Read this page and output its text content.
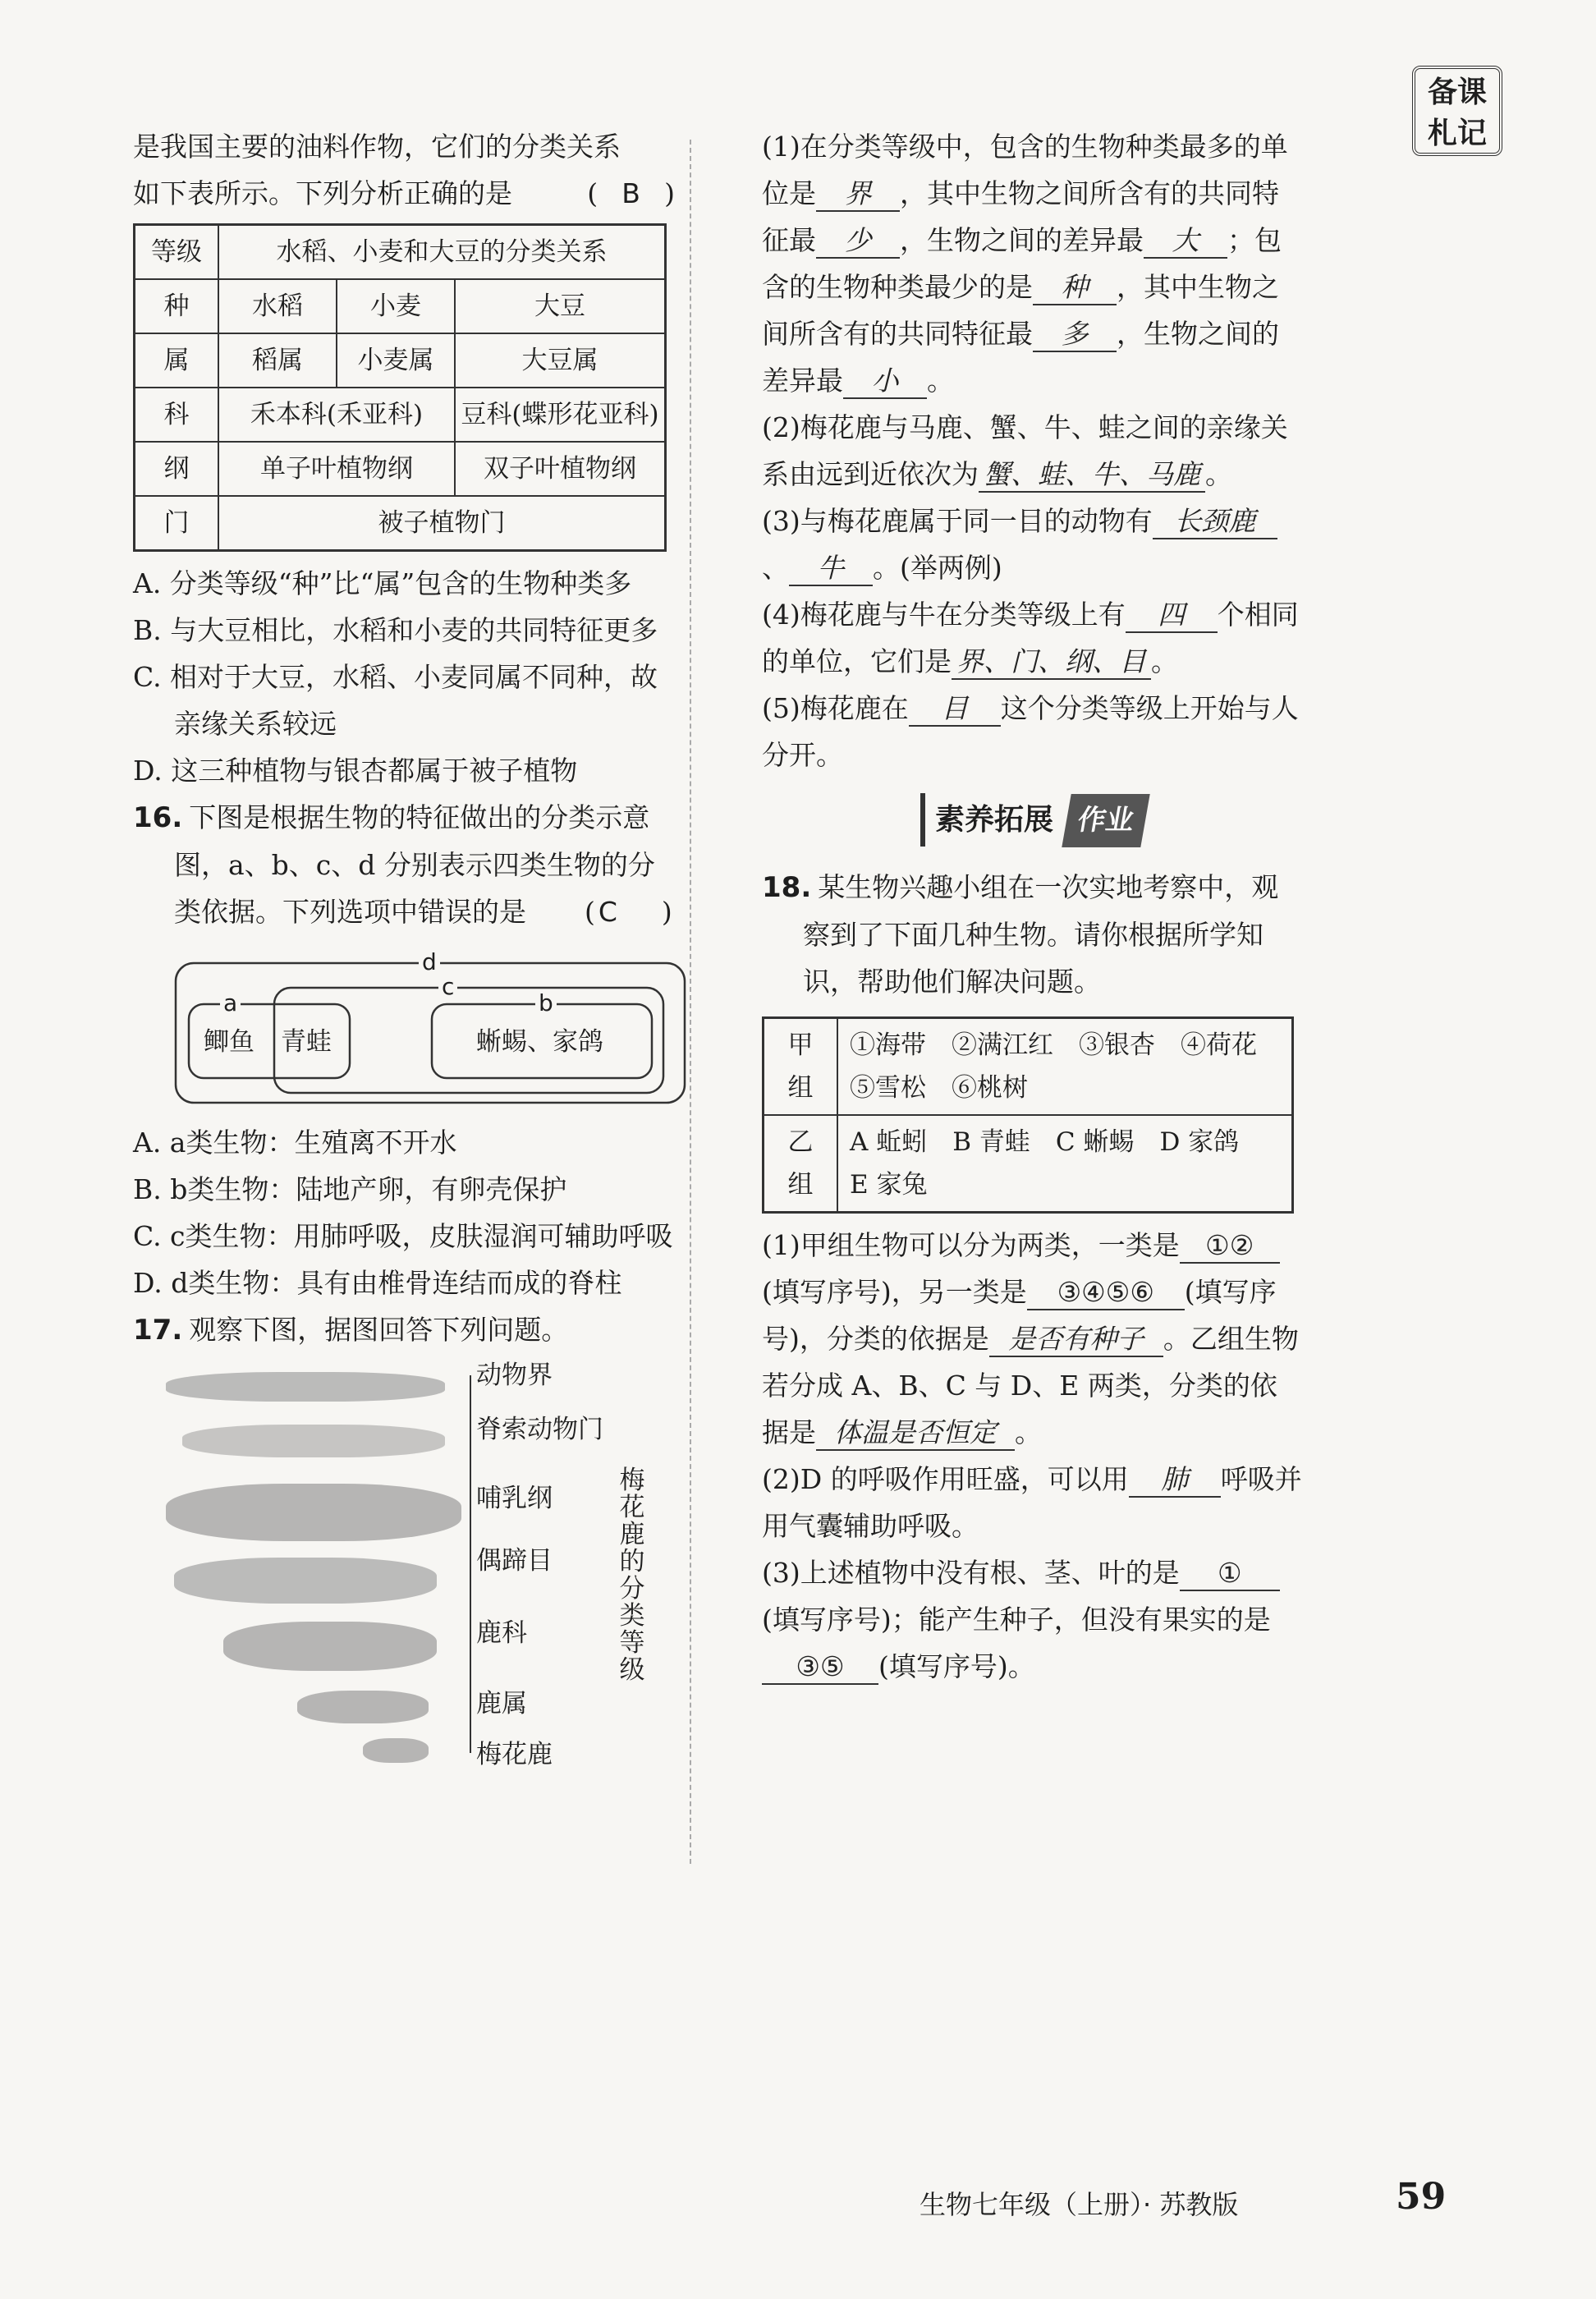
备课
札记

是我国主要的油料作物，它们的分类关系

如下表所示。下列分析正确的是	( B )

等级	水稻、小麦和大豆的分类关系		
种	水稻	小麦	大豆
属	稻属	小麦属	大豆属
科	禾本科(禾亚科)		豆科(蝶形花亚科)
纲	单子叶植物纲		双子叶植物纲
门	被子植物门		

A. 分类等级“种”比“属”包含的生物种类多

B. 与大豆相比，水稻和小麦的共同特征更多

C. 相对于大豆，水稻、小麦同属不同种，故亲缘关系较远

D. 这三种植物与银杏都属于被子植物

16. 下图是根据生物的特征做出的分类示意图，a、b、c、d 分别表示四类生物的分类依据。下列选项中错误的是 ( C )

d
c
a	b
鲫鱼 青蛙	蜥蜴、家鸽

A. a类生物：生殖离不开水

B. b类生物：陆地产卵，有卵壳保护

C. c类生物：用肺呼吸，皮肤湿润可辅助呼吸

D. d类生物：具有由椎骨连结而成的脊柱

17. 观察下图，据图回答下列问题。

动物界
脊索动物门
哺乳纲
偶蹄目
鹿科
鹿属
梅花鹿
梅花鹿的分类等级

(1)在分类等级中，包含的生物种类最多的单位是 界 ，其中生物之间所含有的共同特征最 少 ，生物之间的差异最 大 ；包含的生物种类最少的是 种 ，其中生物之间所含有的共同特征最 多 ，生物之间的差异最 小 。

(2)梅花鹿与马鹿、蟹、牛、蛙之间的亲缘关系由远到近依次为 蟹、蛙、牛、马鹿 。

(3)与梅花鹿属于同一目的动物有 长颈鹿、 牛 。(举两例)

(4)梅花鹿与牛在分类等级上有 四 个相同的单位，它们是 界、门、纲、目 。

(5)梅花鹿在 目 这个分类等级上开始与人分开。

素养拓展 作业

18. 某生物兴趣小组在一次实地考察中，观察到了下面几种生物。请你根据所学知识，帮助他们解决问题。

甲组	①海带　②满江红　③银杏　④荷花　⑤雪松　⑥桃树
乙组	A 蚯蚓　B 青蛙　C 蜥蜴　D 家鸽　E 家兔

(1)甲组生物可以分为两类，一类是 ①②(填写序号)，另一类是 ③④⑤⑥ (填写序号)，分类的依据是 是否有种子 。乙组生物若分成 A、B、C 与 D、E 两类，分类的依据是 体温是否恒定 。

(2)D 的呼吸作用旺盛，可以用 肺 呼吸并用气囊辅助呼吸。

(3)上述植物中没有根、茎、叶的是 ①(填写序号)；能产生种子，但没有果实的是③⑤ (填写序号)。

生物七年级（上册）· 苏教版	59
